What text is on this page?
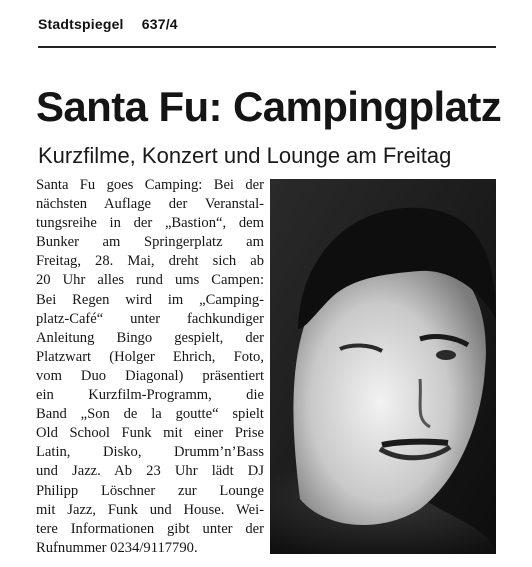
Stadtspiegel 637/4
Santa Fu: Campingplatz
Kurzfilme, Konzert und Lounge am Freitag
Santa Fu goes Camping: Bei der
nächsten Auflage der Veranstal-
tungsreihe in der „Bastion“, dem
Bunker am Springerplatz am
Freitag, 28. Mai, dreht sich ab
20 Uhr alles rund ums Campen:
Bei Regen wird im „Camping-
platz-Café“ unter fachkundiger
Anleitung Bingo gespielt, der
Platzwart (Holger Ehrich, Foto,
vom Duo Diagonal) präsentiert
ein Kurzfilm-Programm, die
Band „Son de la goutte“ spielt
Old School Funk mit einer Prise
Latin, Disko, Drumm’n’Bass
und Jazz. Ab 23 Uhr lädt DJ
Philipp Löschner zur Lounge
mit Jazz, Funk und House. Wei-
tere Informationen gibt unter der
Rufnummer 0234/9117790.
